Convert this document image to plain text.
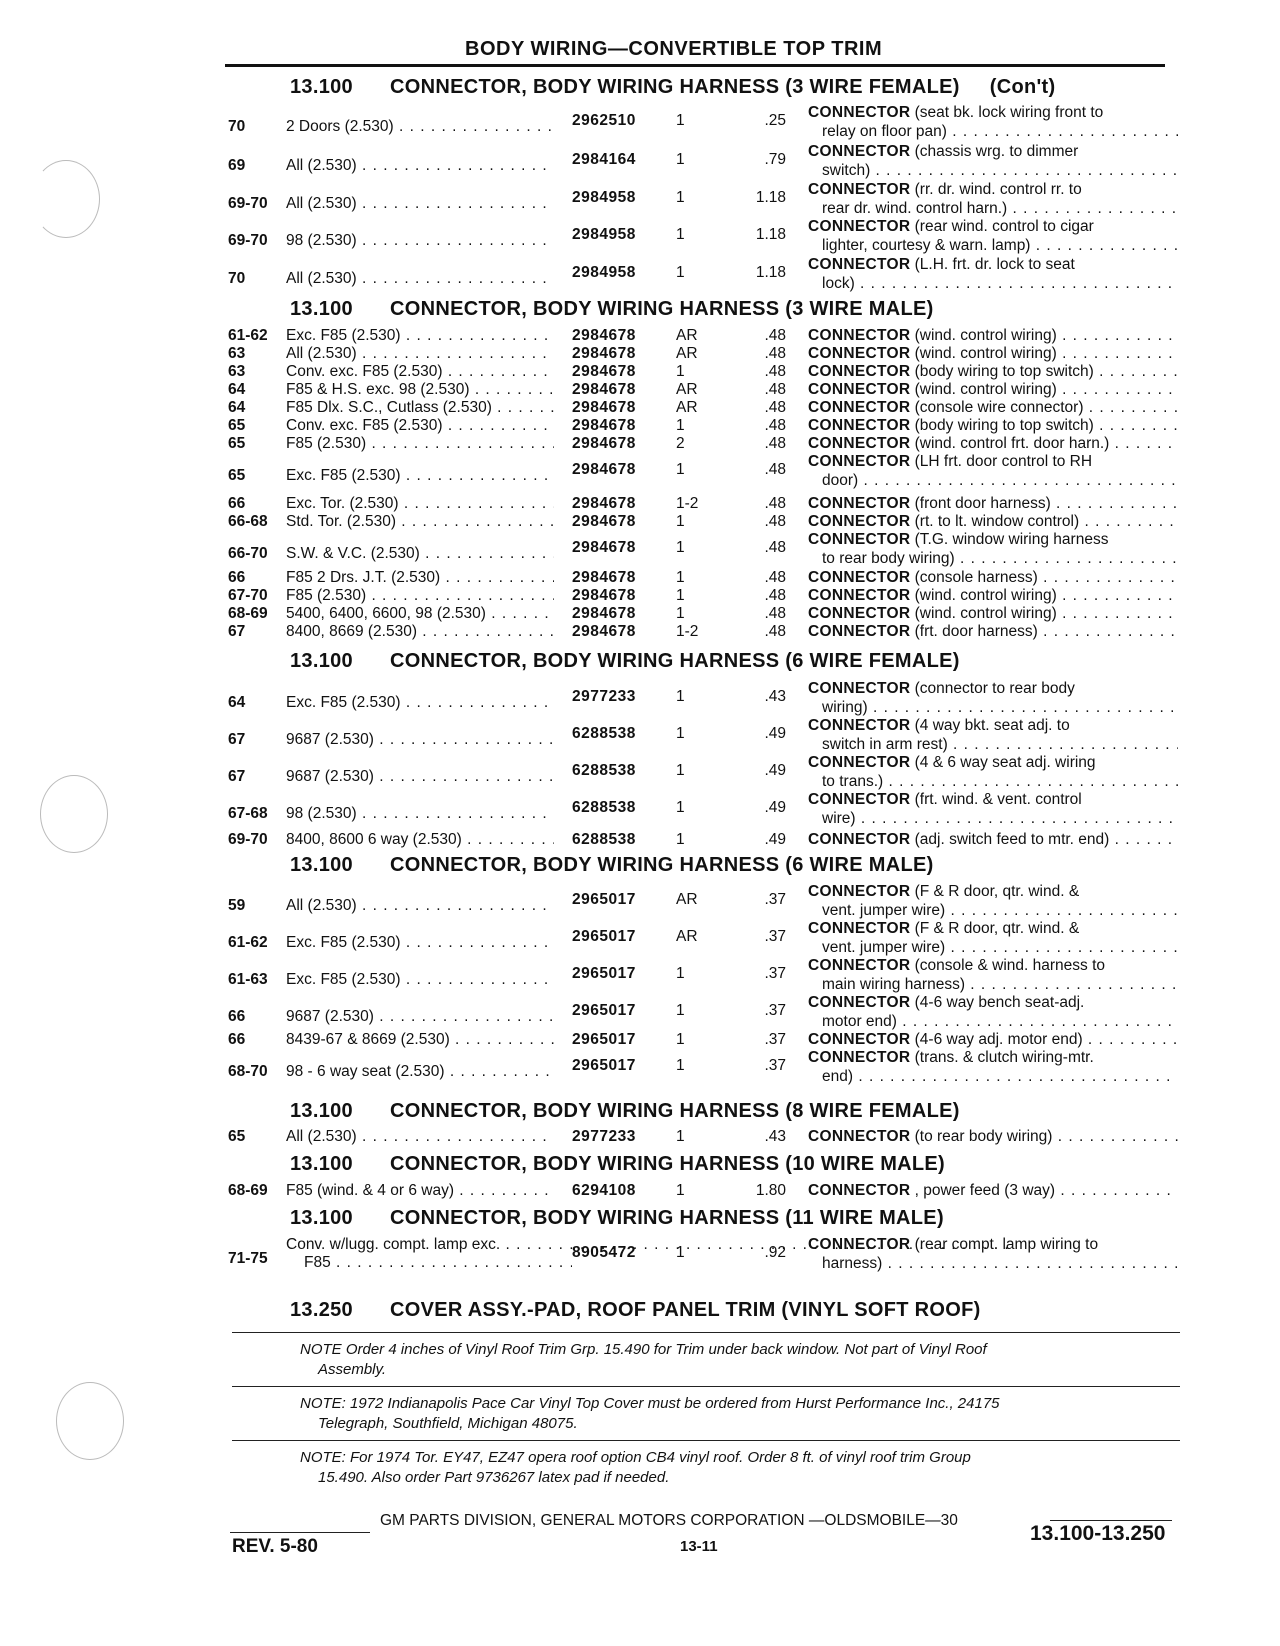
BODY WIRING—CONVERTIBLE TOP TRIM
13.100 CONNECTOR, BODY WIRING HARNESS (3 WIRE FEMALE) (Con't)
70	2 Doors (2.530) . . .	2962510	1	.25 CONNECTOR (seat bk. lock wiring front to
relay on floor pan) . . .
69	All (2.530) . . .	2984164	1	.79 CONNECTOR (chassis wrg. to dimmer
switch) . . .
69-70 All (2.530) . . .	2984958	1	1.18 CONNECTOR (rr. dr. wind. control rr. to
rear dr. wind. control harn.) . . .
69-70 98 (2.530) . . .	2984958	1	1.18 CONNECTOR (rear wind. control to cigar
lighter, courtesy & warn. lamp) . . .
70	All (2.530) . . .	2984958	1	1.18 CONNECTOR (L.H. frt. dr. lock to seat
lock) . . .
13.100 CONNECTOR, BODY WIRING HARNESS (3 WIRE MALE)
61-62 Exc. F85 (2.530) . . .	2984678	AR	.48 CONNECTOR (wind. control wiring) . . .
63	All (2.530) . . .	2984678	AR	.48 CONNECTOR (wind. control wiring) . . .
63	Conv. exc. F85 (2.530) . . .	2984678	1	.48 CONNECTOR (body wiring to top switch) . . .
64	F85 & H.S. exc. 98 (2.530) . . .	2984678	AR	.48 CONNECTOR (wind. control wiring) . . .
64	F85 Dlx. S.C., Cutlass (2.530) . . .	2984678	AR	.48 CONNECTOR (console wire connector) . . .
65	Conv. exc. F85 (2.530) . . .	2984678	1	.48 CONNECTOR (body wiring to top switch) . . .
65	F85 (2.530) . . .	2984678	2	.48 CONNECTOR (wind. control frt. door harn.) . . .
65	Exc. F85 (2.530) . . .	2984678	1	.48 CONNECTOR (LH frt. door control to RH
door) . . .
66	Exc. Tor. (2.530) . . .	2984678	1-2	.48 CONNECTOR (front door harness) . . .
66-68 Std. Tor. (2.530) . . .	2984678	1	.48 CONNECTOR (rt. to lt. window control) . . .
66-70 S.W. & V.C. (2.530) . . .	2984678	1	.48 CONNECTOR (T.G. window wiring harness
to rear body wiring) . . .
66	F85 2 Drs. J.T. (2.530) . . .	2984678	1	.48 CONNECTOR (console harness) . . .
67-70 F85 (2.530) . . .	2984678	1	.48 CONNECTOR (wind. control wiring) . . .
68-69 5400, 6400, 6600, 98 (2.530) . . .	2984678	1	.48 CONNECTOR (wind. control wiring) . . .
67	8400, 8669 (2.530) . . .	2984678	1-2	.48 CONNECTOR (frt. door harness) . . .
13.100 CONNECTOR, BODY WIRING HARNESS (6 WIRE FEMALE)
64	Exc. F85 (2.530) . . .	2977233	1	.43 CONNECTOR (connector to rear body
wiring) . . .
67	9687 (2.530) . . .	6288538	1	.49 CONNECTOR (4 way bkt. seat adj. to
switch in arm rest) . . .
67	9687 (2.530) . . .	6288538	1	.49 CONNECTOR (4 & 6 way seat adj. wiring
to trans.) . . .
67-68 98 (2.530) . . .	6288538	1	.49 CONNECTOR (frt. wind. & vent. control
wire) . . .
69-70 8400, 8600 6 way (2.530) . . .	6288538	1	.49 CONNECTOR (adj. switch feed to mtr. end) . . .
13.100 CONNECTOR, BODY WIRING HARNESS (6 WIRE MALE)
59	All (2.530) . . .	2965017	AR	.37 CONNECTOR (F & R door, qtr. wind. &
vent. jumper wire) . . .
61-62 Exc. F85 (2.530) . . .	2965017	AR	.37 CONNECTOR (F & R door, qtr. wind. &
vent. jumper wire) . . .
61-63 Exc. F85 (2.530) . . .	2965017	1	.37 CONNECTOR (console & wind. harness to
main wiring harness) . . .
66	9687 (2.530) . . .	2965017	1	.37 CONNECTOR (4-6 way bench seat-adj.
motor end) . . .
66	8439-67 & 8669 (2.530) . . .	2965017	1	.37 CONNECTOR (4-6 way adj. motor end) . . .
68-70 98 - 6 way seat (2.530) . . .	2965017	1	.37 CONNECTOR (trans. & clutch wiring-mtr.
end) . . .
13.100 CONNECTOR, BODY WIRING HARNESS (8 WIRE FEMALE)
65	All (2.530) . . .	2977233	1	.43 CONNECTOR (to rear body wiring) . . .
13.100 CONNECTOR, BODY WIRING HARNESS (10 WIRE MALE)
68-69 F85 (wind. & 4 or 6 way) . . .	6294108	1	1.80 CONNECTOR , power feed (3 way) . . .
13.100 CONNECTOR, BODY WIRING HARNESS (11 WIRE MALE)
71-75
Conv. w/lugg. compt. lamp exc. . . .
F85 . . .
8905472	1	.92 CONNECTOR (rear compt. lamp wiring to
harness) . . .
13.250 COVER ASSY.-PAD, ROOF PANEL TRIM (VINYL SOFT ROOF)
NOTE Order 4 inches of Vinyl Roof Trim Grp. 15.490 for Trim under back window. Not part of Vinyl Roof
Assembly.
NOTE: 1972 Indianapolis Pace Car Vinyl Top Cover must be ordered from Hurst Performance Inc., 24175
Telegraph, Southfield, Michigan 48075.
NOTE: For 1974 Tor. EY47, EZ47 opera roof option CB4 vinyl roof. Order 8 ft. of vinyl roof trim Group
15.490. Also order Part 9736267 latex pad if needed.
GM PARTS DIVISION, GENERAL MOTORS CORPORATION —OLDSMOBILE—30
REV. 5-80	13-11
13.100-13.250
